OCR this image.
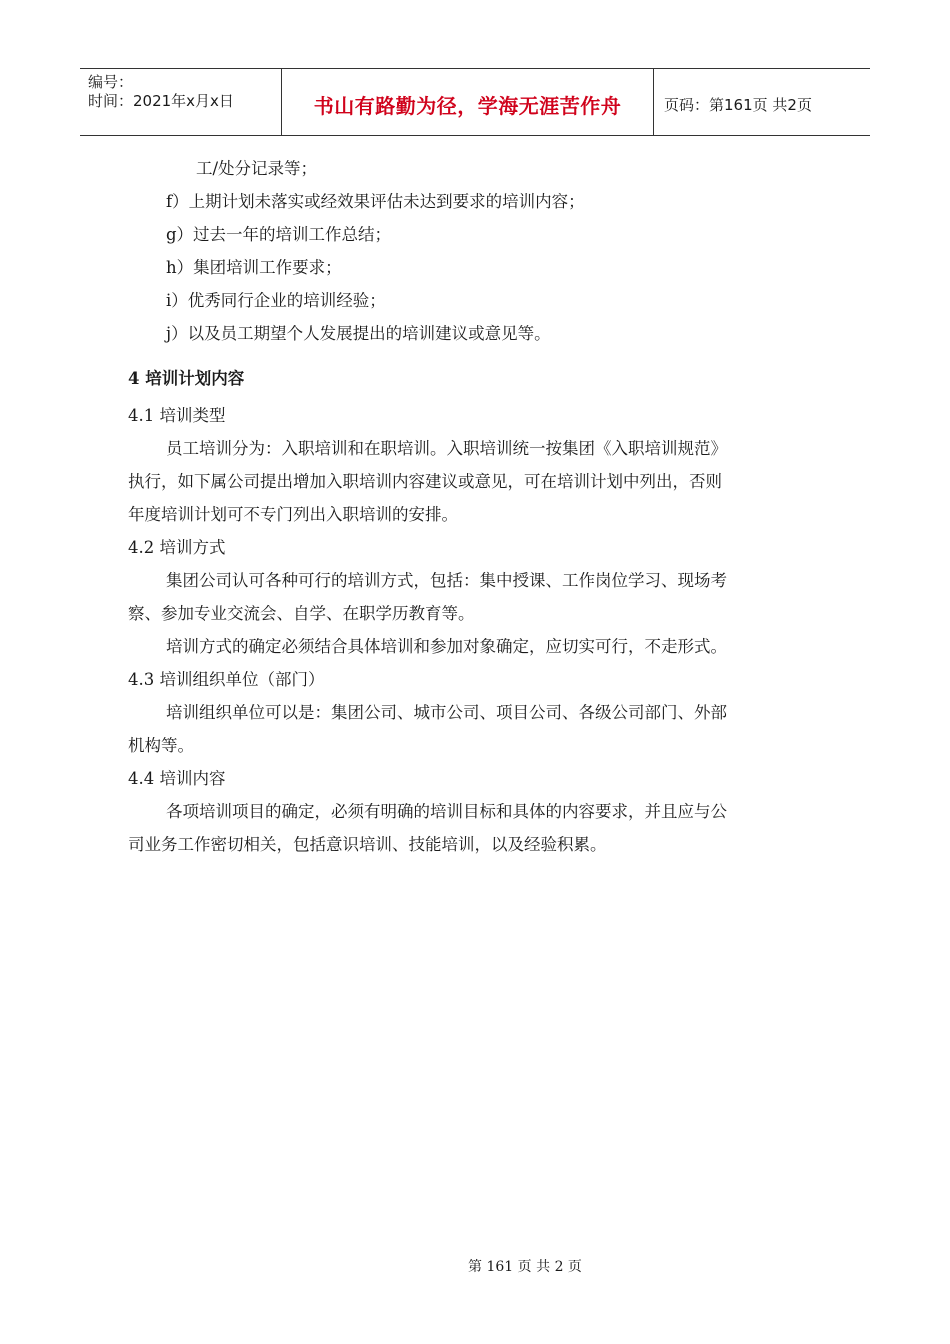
编号：
时间：2021年x月x日	书山有路勤为径，学海无涯苦作舟	页码：第161页 共2页
工/处分记录等；
f）上期计划未落实或经效果评估未达到要求的培训内容；
g）过去一年的培训工作总结；
h）集团培训工作要求；
i）优秀同行企业的培训经验；
j）以及员工期望个人发展提出的培训建议或意见等。
4 培训计划内容
4.1 培训类型
员工培训分为：入职培训和在职培训。入职培训统一按集团《入职培训规范》
执行，如下属公司提出增加入职培训内容建议或意见，可在培训计划中列出，否则
年度培训计划可不专门列出入职培训的安排。
4.2 培训方式
集团公司认可各种可行的培训方式，包括：集中授课、工作岗位学习、现场考
察、参加专业交流会、自学、在职学历教育等。
培训方式的确定必须结合具体培训和参加对象确定，应切实可行，不走形式。
4.3 培训组织单位（部门）
培训组织单位可以是：集团公司、城市公司、项目公司、各级公司部门、外部
机构等。
4.4 培训内容
各项培训项目的确定，必须有明确的培训目标和具体的内容要求，并且应与公
司业务工作密切相关，包括意识培训、技能培训，以及经验积累。
第 161 页 共 2 页
